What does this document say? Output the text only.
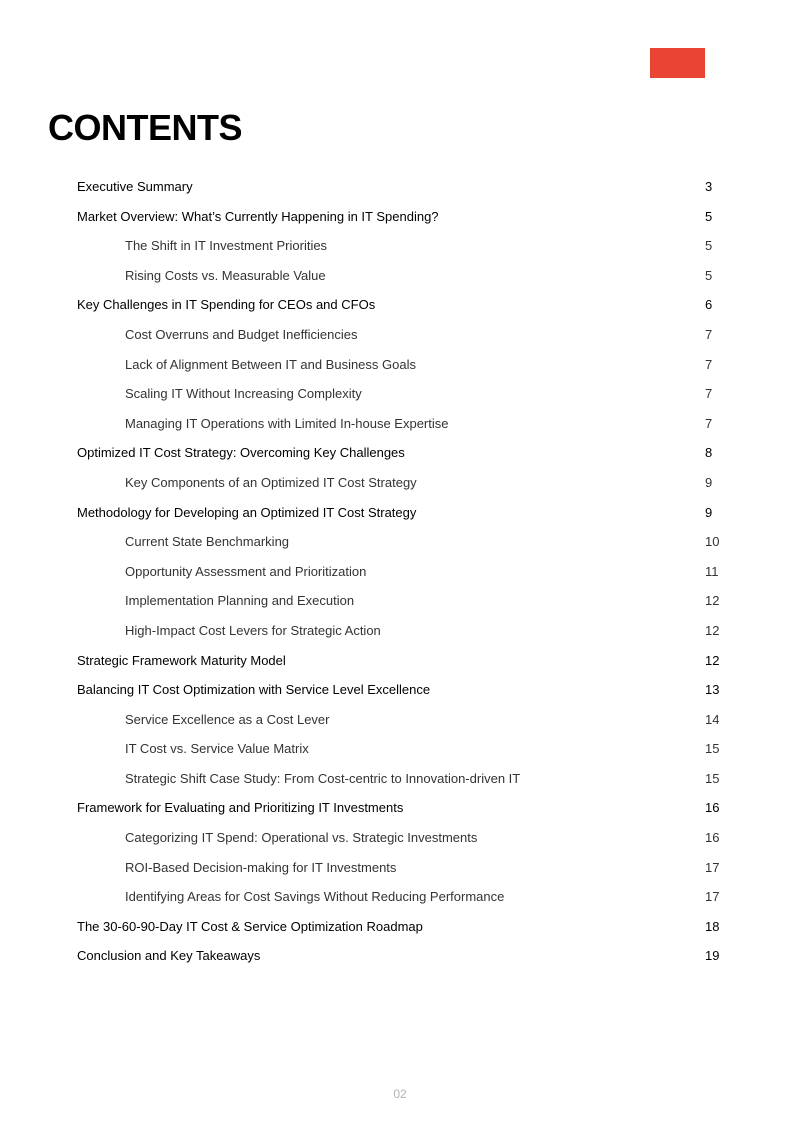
CONTENTS
Executive Summary	3
Market Overview: What’s Currently Happening in IT Spending?	5
The Shift in IT Investment Priorities	5
Rising Costs vs. Measurable Value	5
Key Challenges in IT Spending for CEOs and CFOs	6
Cost Overruns and Budget Inefficiencies	7
Lack of Alignment Between IT and Business Goals	7
Scaling IT Without Increasing Complexity	7
Managing IT Operations with Limited In-house Expertise	7
Optimized IT Cost Strategy: Overcoming Key Challenges	8
Key Components of an Optimized IT Cost Strategy	9
Methodology for Developing an Optimized IT Cost Strategy	9
Current State Benchmarking	10
Opportunity Assessment and Prioritization	11
Implementation Planning and Execution	12
High-Impact Cost Levers for Strategic Action	12
Strategic Framework Maturity Model	12
Balancing IT Cost Optimization with Service Level Excellence	13
Service Excellence as a Cost Lever	14
IT Cost vs. Service Value Matrix	15
Strategic Shift Case Study: From Cost-centric to Innovation-driven IT	15
Framework for Evaluating and Prioritizing IT Investments	16
Categorizing IT Spend: Operational vs. Strategic Investments	16
ROI-Based Decision-making for IT Investments	17
Identifying Areas for Cost Savings Without Reducing Performance	17
The 30-60-90-Day IT Cost & Service Optimization Roadmap	18
Conclusion and Key Takeaways	19
02
